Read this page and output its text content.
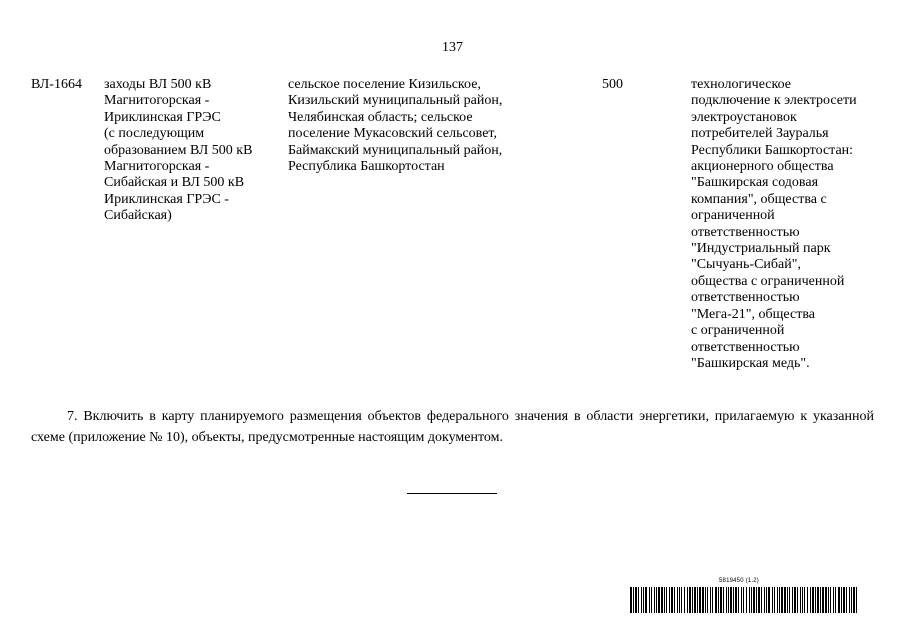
137
ВЛ-1664	заходы ВЛ 500 кВ
Магнитогорская -
Ириклинская ГРЭС
(с последующим
образованием ВЛ 500 кВ
Магнитогорская -
Сибайская и ВЛ 500 кВ
Ириклинская ГРЭС -
Сибайская)
сельское поселение Кизильское,
Кизильский муниципальный район,
Челябинская область; сельское
поселение Мукасовский сельсовет,
Баймакский муниципальный район,
Республика Башкортостан
500	технологическое
подключение к электросети
электроустановок
потребителей Зауралья
Республики Башкортостан:
акционерного общества
"Башкирская содовая
компания", общества с
ограниченной
ответственностью
"Индустриальный парк
"Сычуань-Сибай",
общества с ограниченной
ответственностью
"Мега-21", общества
с ограниченной
ответственностью
"Башкирская медь".
7. Включить в карту планируемого размещения объектов федерального значения в области энергетики, прилагаемую к указанной схеме (приложение № 10), объекты, предусмотренные настоящим документом.
5819450 (1.2)
